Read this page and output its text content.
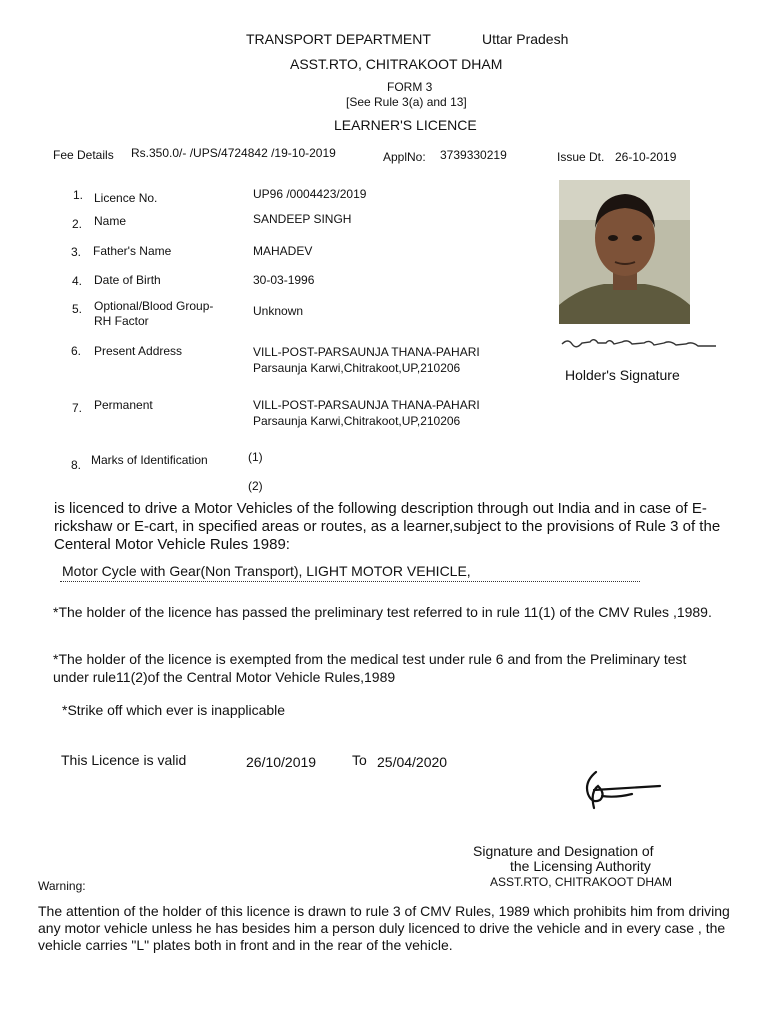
TRANSPORT DEPARTMENT	Uttar Pradesh
ASST.RTO, CHITRAKOOT DHAM
FORM 3
[See Rule 3(a) and 13]
LEARNER'S LICENCE
Fee Details Rs.350.0/- /UPS/4724842 /19-10-2019	ApplNo: 3739330219	Issue Dt. 26-10-2019
1. Licence No.	UP96 /0004423/2019
2. Name	SANDEEP SINGH
3. Father's Name	MAHADEV
4. Date of Birth	30-03-1996
5. Optional/Blood Group-
RH Factor
Unknown
6. Present Address	VILL-POST-PARSAUNJA THANA-PAHARI
Parsaunja Karwi,Chitrakoot,UP,210206
7. Permanent	VILL-POST-PARSAUNJA THANA-PAHARI
Parsaunja Karwi,Chitrakoot,UP,210206
8. Marks of Identification	(1)
(2)
Holder's Signature
is licenced to drive a Motor Vehicles of the following description through out India and in case of E-rickshaw or E-cart, in specified areas or routes, as a learner,subject to the provisions of Rule 3 of the Centeral Motor Vehicle Rules 1989:
Motor Cycle with Gear(Non Transport), LIGHT MOTOR VEHICLE,
*The holder of the licence has passed the preliminary test referred to in rule 11(1) of the CMV Rules ,1989.
*The holder of the licence is exempted from the medical test under rule 6 and from the Preliminary test under rule11(2)of the Central Motor Vehicle Rules,1989
*Strike off which ever is inapplicable
This Licence is valid	26/10/2019	To 25/04/2020
Signature and Designation of
the Licensing Authority
ASST.RTO, CHITRAKOOT DHAM
Warning:
The attention of the holder of this licence is drawn to rule 3 of CMV Rules, 1989 which prohibits him from driving any motor vehicle unless he has besides him a person duly licenced to drive the vehicle and in every case , the vehicle carries "L" plates both in front and in the rear of the vehicle.
